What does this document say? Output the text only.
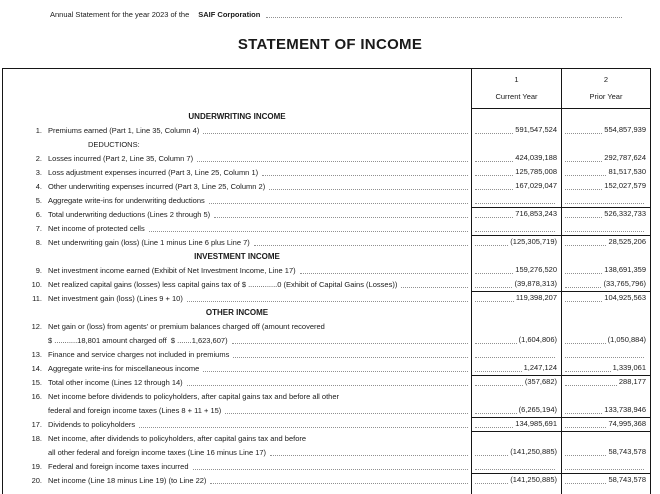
Annual Statement for the year 2023 of the SAIF Corporation
STATEMENT OF INCOME
1
Current Year
2
Prior Year
UNDERWRITING INCOME
1. Premiums earned (Part 1, Line 35, Column 4)	591,547,524	554,857,939
DEDUCTIONS:
2. Losses incurred (Part 2, Line 35, Column 7)	424,039,188	292,787,624
3. Loss adjustment expenses incurred (Part 3, Line 25, Column 1)	125,785,008	81,517,530
4. Other underwriting expenses incurred (Part 3, Line 25, Column 2)	167,029,047	152,027,579
5. Aggregate write-ins for underwriting deductions
6. Total underwriting deductions (Lines 2 through 5)	716,853,243	526,332,733
7. Net income of protected cells
8. Net underwriting gain (loss) (Line 1 minus Line 6 plus Line 7)	(125,305,719)	28,525,206
INVESTMENT INCOME
9. Net investment income earned (Exhibit of Net Investment Income, Line 17)	159,276,520	138,691,359
10. Net realized capital gains (losses) less capital gains tax of $ ..............0 (Exhibit of Capital Gains (Losses))	(39,878,313)	(33,765,796)
11. Net investment gain (loss) (Lines 9 + 10)	119,398,207	104,925,563
OTHER INCOME
12. Net gain or (loss) from agents' or premium balances charged off (amount recovered
$ ...........18,801 amount charged off  $ .......1,623,607)	(1,604,806)	(1,050,884)
13. Finance and service charges not included in premiums
14. Aggregate write-ins for miscellaneous income	1,247,124	1,339,061
15. Total other income (Lines 12 through 14)	(357,682)	288,177
16. Net income before dividends to policyholders, after capital gains tax and before all other
federal and foreign income taxes (Lines 8 + 11 + 15)	(6,265,194)	133,738,946
17. Dividends to policyholders	134,985,691	74,995,368
18. Net income, after dividends to policyholders, after capital gains tax and before
all other federal and foreign income taxes (Line 16 minus Line 17)	(141,250,885)	58,743,578
19. Federal and foreign income taxes incurred
20. Net income (Line 18 minus Line 19) (to Line 22)	(141,250,885)	58,743,578
